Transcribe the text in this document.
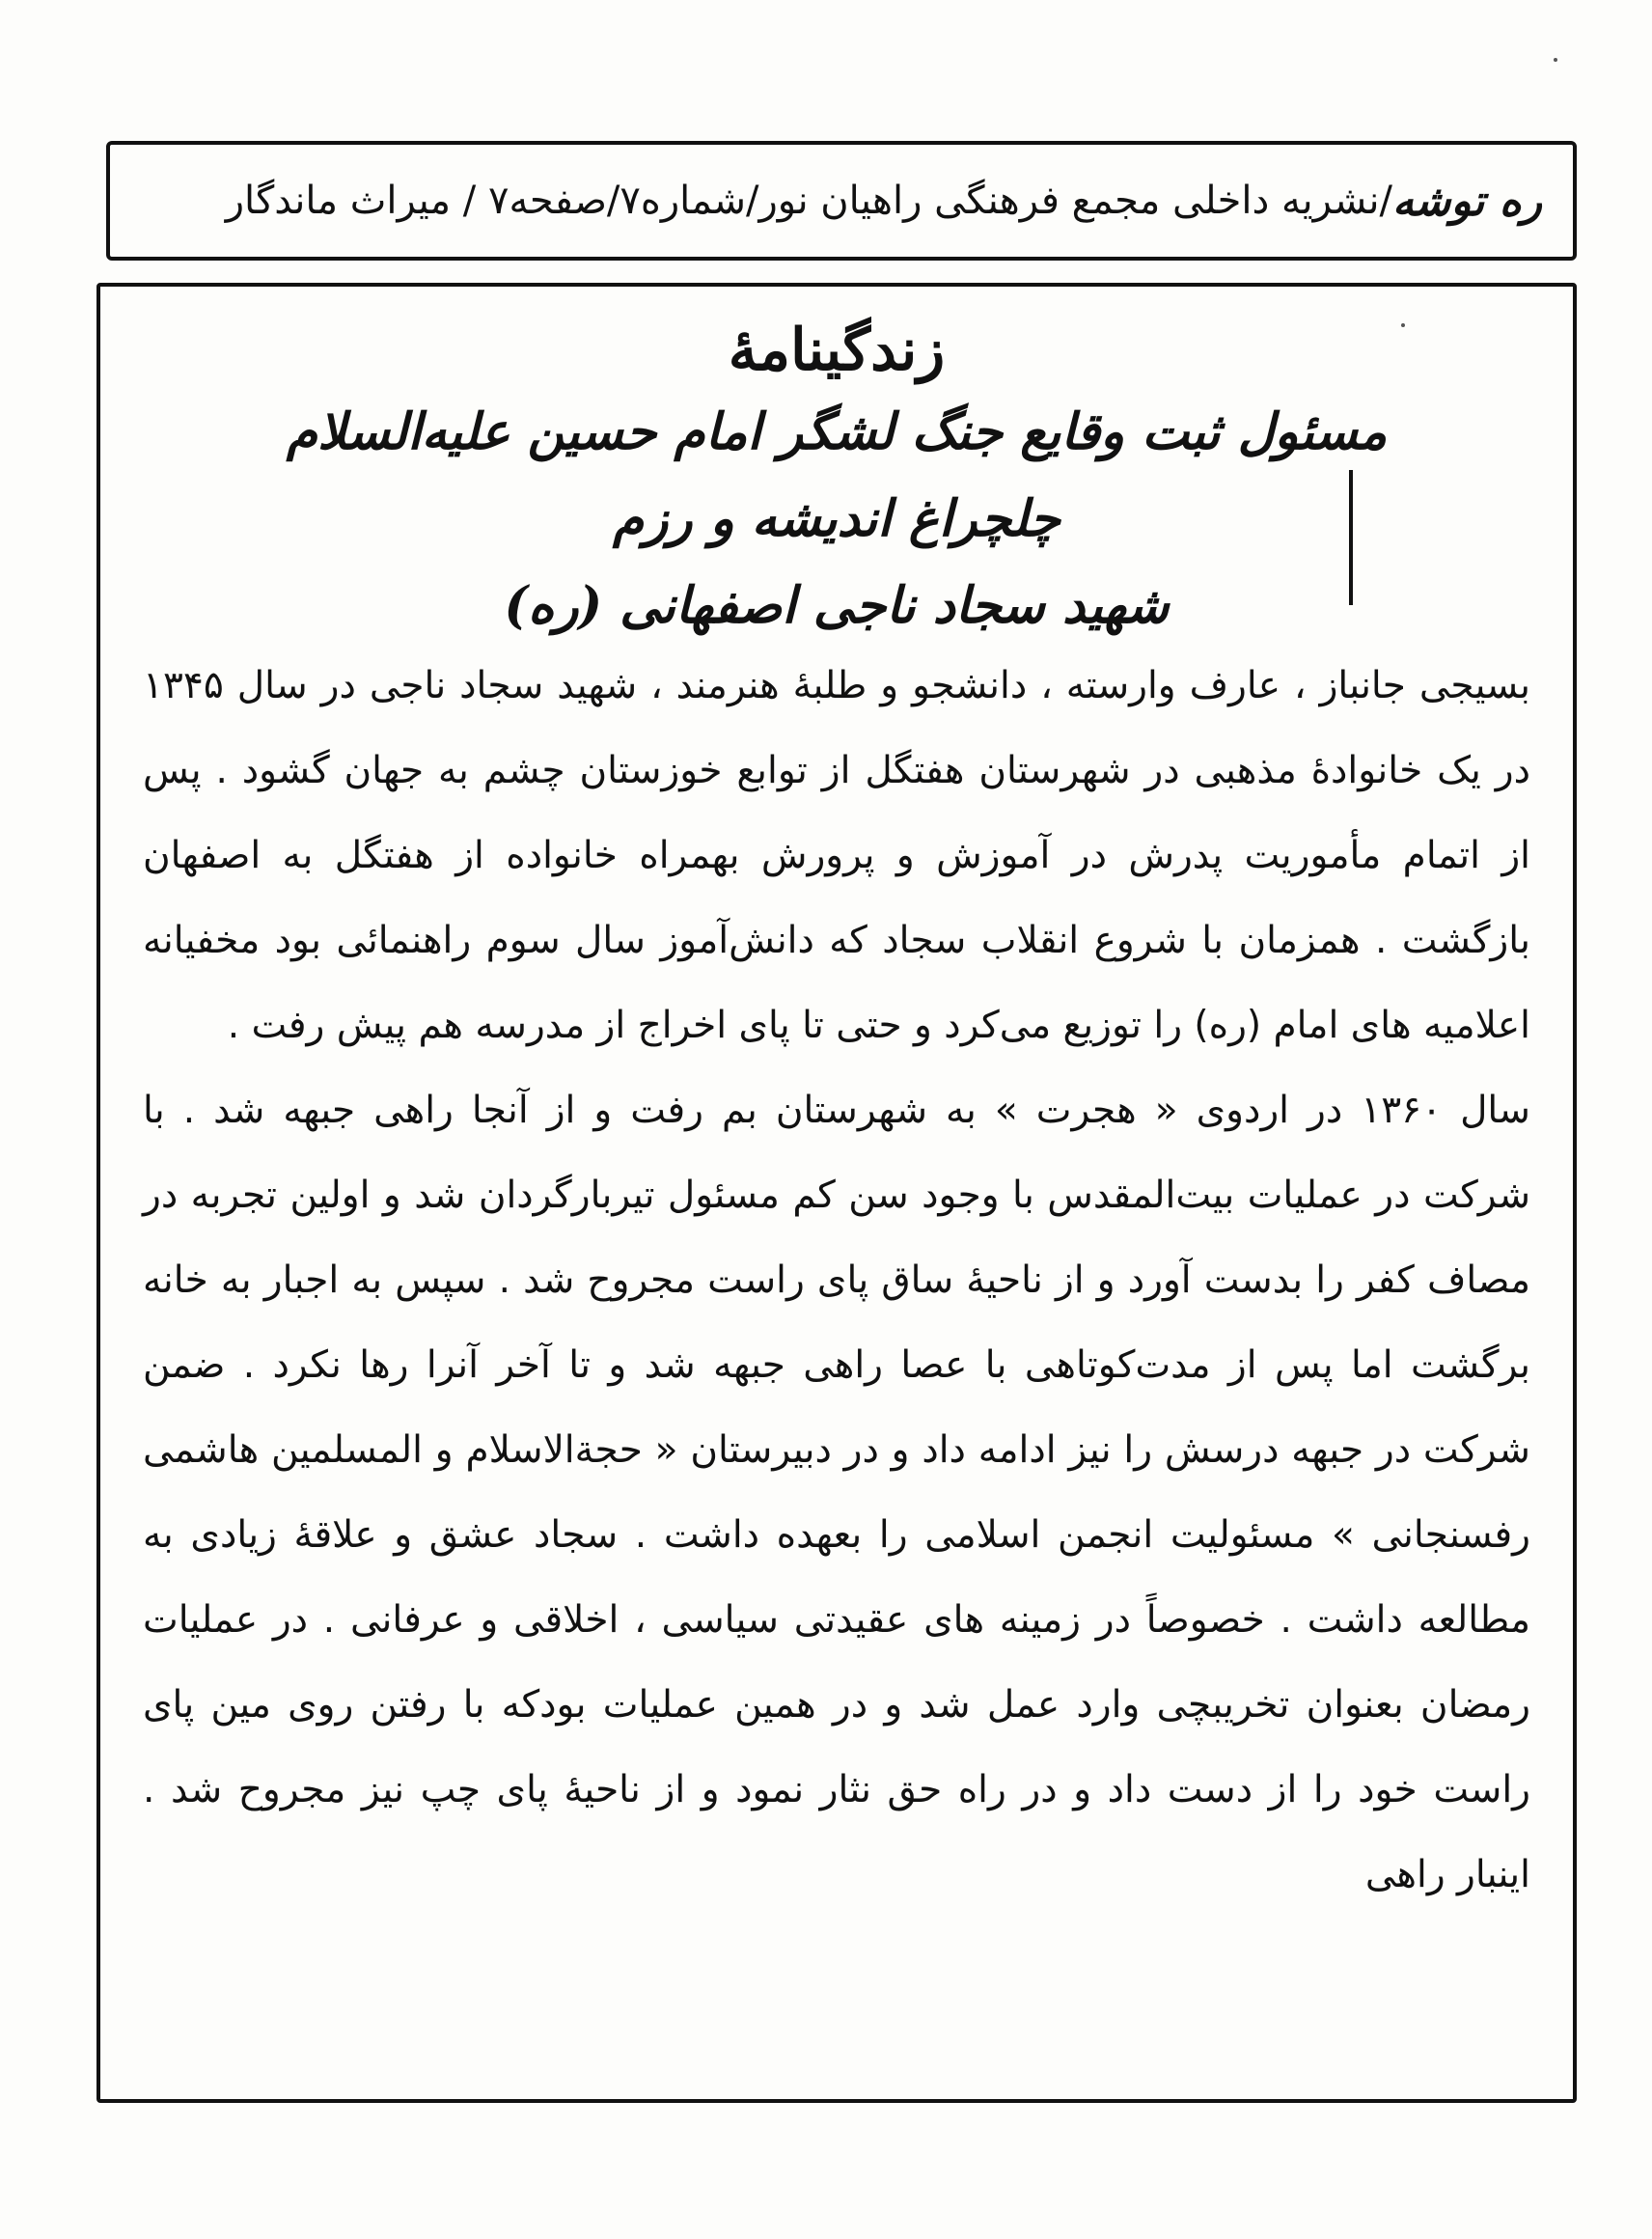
ره توشه
/نشریه داخلی مجمع فرهنگی راهیان نور/شماره۷/صفحه۷ / میراث ماندگار

زندگینامهٔ

مسئول ثبت وقایع جنگ لشگر امام حسین علیه‌السلام

چلچراغ اندیشه و رزم

شهید سجاد ناجی اصفهانی (ره)

بسیجی جانباز ، عارف وارسته ، دانشجو و طلبهٔ هنرمند ، شهید سجاد ناجی در سال ۱۳۴۵ در یک خانوادهٔ مذهبی در شهرستان هفتگل از توابع خوزستان چشم به جهان گشود . پس از اتمام مأموریت پدرش در آموزش و پرورش بهمراه خانواده از هفتگل به اصفهان بازگشت . همزمان با شروع انقلاب سجاد که دانش‌آموز سال سوم راهنمائی بود مخفیانه اعلامیه های امام (ره) را توزیع می‌کرد و حتی تا پای اخراج از مدرسه هم پیش رفت .

سال ۱۳۶۰ در اردوی « هجرت » به شهرستان بم رفت و از آنجا راهی جبهه شد . با شرکت در عملیات بیت‌المقدس با وجود سن کم مسئول تیربارگردان شد و اولین تجربه در مصاف کفر را بدست آورد و از ناحیهٔ ساق پای راست مجروح شد . سپس به اجبار به خانه برگشت اما پس از مدت‌کوتاهی با عصا راهی جبهه شد و تا آخر آنرا رها نکرد . ضمن شرکت در جبهه درسش را نیز ادامه داد و در دبیرستان « حجة‌الاسلام و المسلمین هاشمی رفسنجانی » مسئولیت انجمن اسلامی را بعهده داشت . سجاد عشق و علاقهٔ زیادی به مطالعه داشت . خصوصاً در زمینه های عقیدتی سیاسی ، اخلاقی و عرفانی . در عملیات رمضان بعنوان تخریبچی وارد عمل شد و در همین عملیات بودکه با رفتن روی مین پای راست خود را از دست داد و در راه حق نثار نمود و از ناحیهٔ پای چپ نیز مجروح شد . اینبار راهی
